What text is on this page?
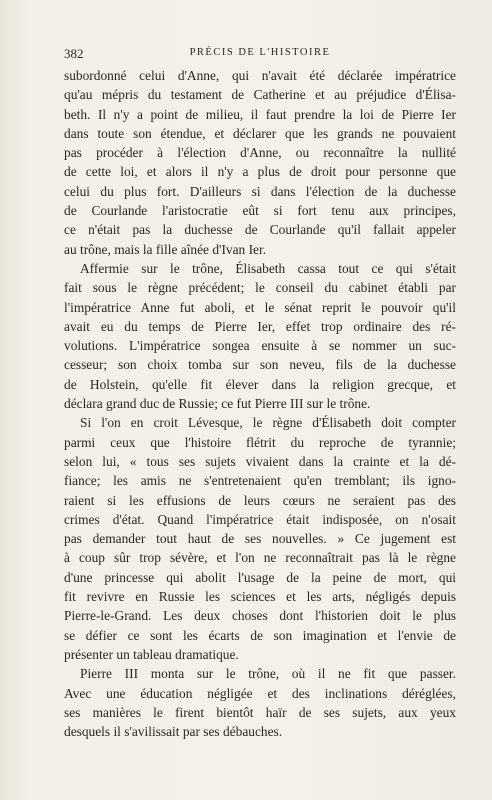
382	PRÉCIS DE L'HISTOIRE
subordonné celui d'Anne, qui n'avait été déclarée impératrice
qu'au mépris du testament de Catherine et au préjudice d'Élisa-
beth. Il n'y a point de milieu, il faut prendre la loi de Pierre Ier
dans toute son étendue, et déclarer que les grands ne pouvaient
pas procéder à l'élection d'Anne, ou reconnaître la nullité
de cette loi, et alors il n'y a plus de droit pour personne que
celui du plus fort. D'ailleurs si dans l'élection de la duchesse
de Courlande l'aristocratie eût si fort tenu aux principes,
ce n'était pas la duchesse de Courlande qu'il fallait appeler
au trône, mais la fille aînée d'Ivan Ier.
Affermie sur le trône, Élisabeth cassa tout ce qui s'était
fait sous le règne précédent; le conseil du cabinet établi par
l'impératrice Anne fut aboli, et le sénat reprit le pouvoir qu'il
avait eu du temps de Pierre Ier, effet trop ordinaire des ré-
volutions. L'impératrice songea ensuite à se nommer un suc-
cesseur; son choix tomba sur son neveu, fils de la duchesse
de Holstein, qu'elle fit élever dans la religion grecque, et
déclara grand duc de Russie; ce fut Pierre III sur le trône.
Si l'on en croit Lévesque, le règne d'Élisabeth doit compter
parmi ceux que l'histoire flétrit du reproche de tyrannie;
selon lui, « tous ses sujets vivaient dans la crainte et la dé-
fiance; les amis ne s'entretenaient qu'en tremblant; ils igno-
raient si les effusions de leurs cœurs ne seraient pas des
crimes d'état. Quand l'impératrice était indisposée, on n'osait
pas demander tout haut de ses nouvelles. » Ce jugement est
à coup sûr trop sévère, et l'on ne reconnaîtrait pas là le règne
d'une princesse qui abolit l'usage de la peine de mort, qui
fit revivre en Russie les sciences et les arts, négligés depuis
Pierre-le-Grand. Les deux choses dont l'historien doit le plus
se défier ce sont les écarts de son imagination et l'envie de
présenter un tableau dramatique.
Pierre III monta sur le trône, où il ne fit que passer.
Avec une éducation négligée et des inclinations déréglées,
ses manières le firent bientôt haïr de ses sujets, aux yeux
desquels il s'avilissait par ses débauches.
